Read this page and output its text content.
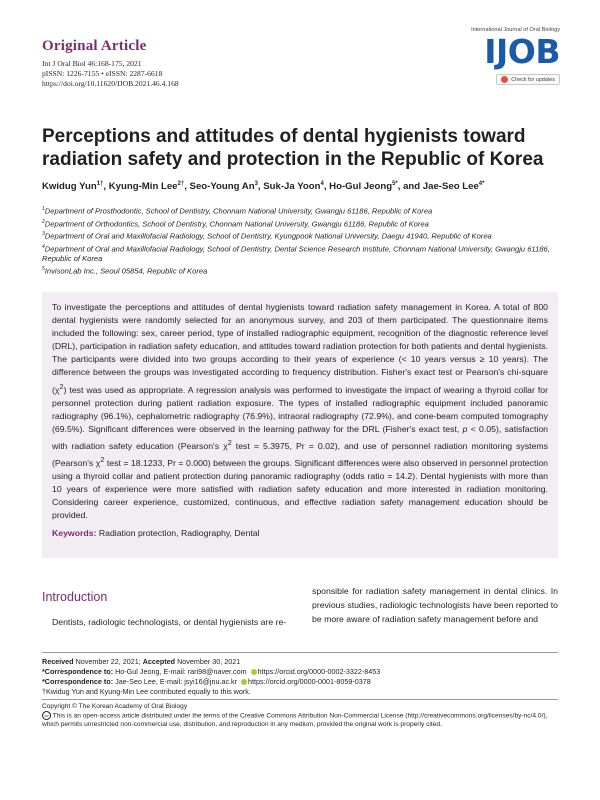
Original Article
Int J Oral Biol 46:168-175, 2021
pISSN: 1226-7155 • eISSN: 2287-6618
https://doi.org/10.11620/IJOB.2021.46.4.168
International Journal of Oral Biology
IJOB
Check for updates
Perceptions and attitudes of dental hygienists toward radiation safety and protection in the Republic of Korea
Kwidug Yun$^{1\dagger}$, Kyung-Min Lee$^{2\dagger}$, Seo-Young An$^3$, Suk-Ja Yoon$^4$, Ho-Gul Jeong$^{5*}$, and Jae-Seo Lee$^{4*}$
$^1$Department of Prosthodontic, School of Dentistry, Chonnam National University, Gwangju 61186, Republic of Korea
$^2$Department of Orthodontics, School of Dentistry, Chonnam National University, Gwangju 61186, Republic of Korea
$^3$Department of Oral and Maxillofacial Radiology, School of Dentistry, Kyungpook National University, Daegu 41940, Republic of Korea
$^4$Department of Oral and Maxillofacial Radiology, School of Dentistry, Dental Science Research Institute, Chonnam National University, Gwangju 61186, Republic of Korea
$^5$InvisonLab Inc., Seoul 05854, Republic of Korea

To investigate the perceptions and attitudes of dental hygienists toward radiation safety management in Korea. A total of 800 dental hygienists were randomly selected for an anonymous survey, and 203 of them participated. The questionnaire items included the following: sex, career period, type of installed radiographic equipment, recognition of the diagnostic reference level (DRL), participation in radiation safety education, and attitudes toward radiation protection for both patients and dental hygienists. The participants were divided into two groups according to their years of experience (< 10 years versus ≥ 10 years). The difference between the groups was investigated according to frequency distribution. Fisher's exact test or Pearson's chi-square $(\chi^2)$ test was used as appropriate. A regression analysis was performed to investigate the impact of wearing a thyroid collar for personnel protection during patient radiation exposure. The types of installed radiographic equipment included panoramic radiography (96.1%), cephalometric radiography (76.9%), intraoral radiography (72.9%), and cone-beam computed tomography (69.5%). Significant differences were observed in the learning pathway for the DRL (Fisher's exact test, p < 0.05), satisfaction with radiation safety education (Pearson's $\chi^2$ test = 5.3975, Pr = 0.02), and use of personnel radiation monitoring systems (Pearson's $\chi^2$ test = 18.1233, Pr = 0.000) between the groups. Significant differences were also observed in personnel protection using a thyroid collar and patient protection during panoramic radiography (odds ratio = 14.2). Dental hygienists with more than 10 years of experience were more satisfied with radiation safety education and more interested in radiation monitoring. Considering career experience, customized, continuous, and effective radiation safety management education should be provided.

Keywords: Radiation protection, Radiography, Dental
Introduction
Dentists, radiologic technologists, or dental hygienists are re-
sponsible for radiation safety management in dental clinics. In previous studies, radiologic technologists have been reported to be more aware of radiation safety management before and
Received November 22, 2021; Accepted November 30, 2021
*Correspondence to: Ho-Gul Jeong, E-mail: rari98@naver.com https://orcid.org/0000-0002-3322-8453
*Correspondence to: Jae-Seo Lee, E-mail: jsyi16@jnu.ac.kr https://orcid.org/0000-0001-8059-0378
†Kwidug Yun and Kyung-Min Lee contributed equally to this work.
Copyright © The Korean Academy of Oral Biology
cc This is an open-access article distributed under the terms of the Creative Commons Attribution Non-Commercial License (http://creativecommons.org/licenses/by-nc/4.0/), which permits unrestricted non-commercial use, distribution, and reproduction in any medium, provided the original work is properly cited.
